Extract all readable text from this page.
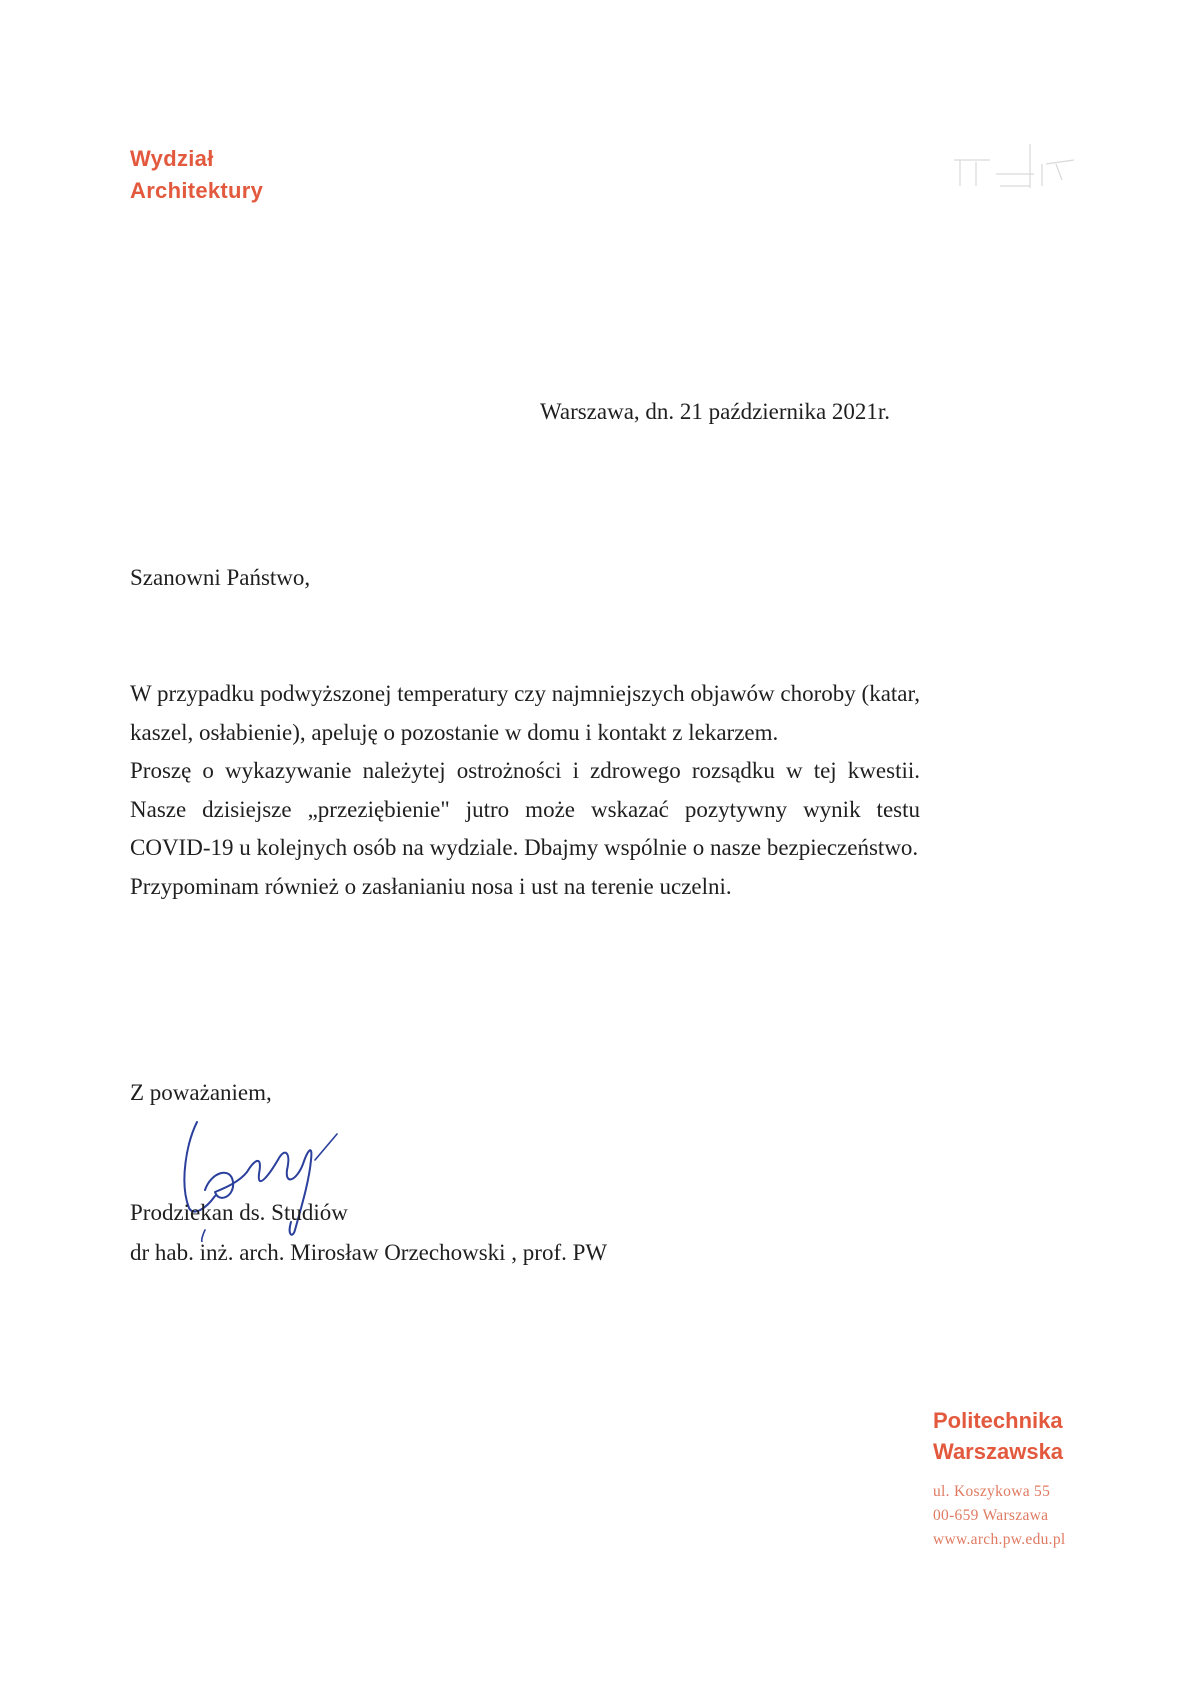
Wydział
Architektury
Warszawa, dn. 21 października 2021r.
Szanowni Państwo,

W przypadku podwyższonej temperatury czy najmniejszych objawów choroby (katar, kaszel, osłabienie), apeluję o pozostanie w domu i kontakt z lekarzem.

Proszę o wykazywanie należytej ostrożności i zdrowego rozsądku w tej kwestii. Nasze dzisiejsze „przeziębienie" jutro może wskazać pozytywny wynik testu COVID-19 u kolejnych osób na wydziale. Dbajmy wspólnie o nasze bezpieczeństwo.

Przypominam również o zasłanianiu nosa i ust na terenie uczelni.

Z poważaniem,
Prodziekan ds. Studiów
dr hab. inż. arch. Mirosław Orzechowski , prof. PW
Politechnika
Warszawska
ul. Koszykowa 55
00-659 Warszawa
www.arch.pw.edu.pl
